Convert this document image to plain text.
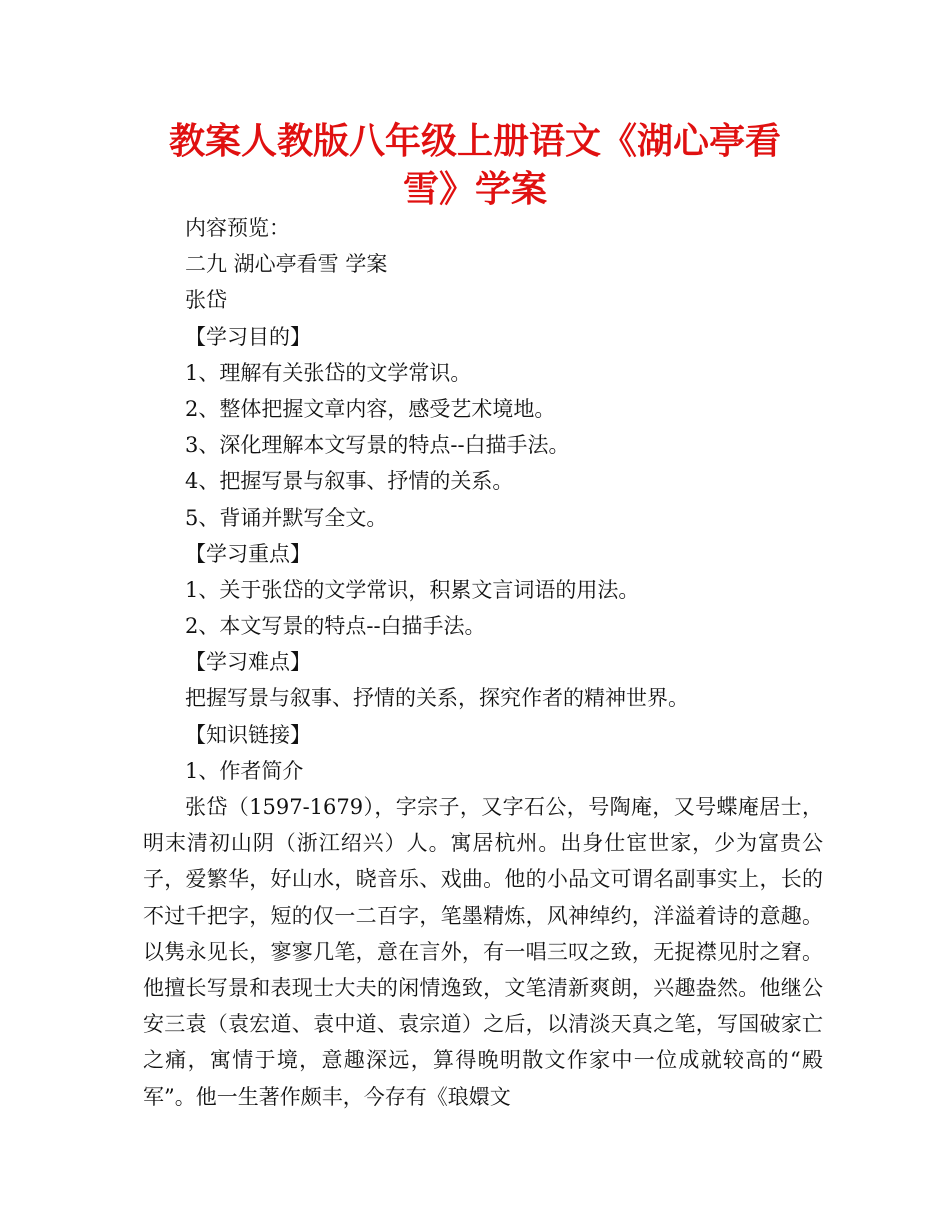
教案人教版八年级上册语文《湖心亭看
雪》学案
内容预览：
二九 湖心亭看雪 学案
张岱
【学习目的】
1、理解有关张岱的文学常识。
2、整体把握文章内容，感受艺术境地。
3、深化理解本文写景的特点--白描手法。
4、把握写景与叙事、抒情的关系。
5、背诵并默写全文。
【学习重点】
1、关于张岱的文学常识，积累文言词语的用法。
2、本文写景的特点--白描手法。
【学习难点】
把握写景与叙事、抒情的关系，探究作者的精神世界。
【知识链接】
1、作者简介

张岱（1597-1679），字宗子，又字石公，号陶庵，又号蝶庵居士，明末清初山阴（浙江绍兴）人。寓居杭州。出身仕宦世家，少为富贵公子，爱繁华，好山水，晓音乐、戏曲。他的小品文可谓名副事实上，长的不过千把字，短的仅一二百字，笔墨精炼，风神绰约，洋溢着诗的意趣。以隽永见长，寥寥几笔，意在言外，有一唱三叹之致，无捉襟见肘之窘。他擅长写景和表现士大夫的闲情逸致，文笔清新爽朗，兴趣盎然。他继公安三袁（袁宏道、袁中道、袁宗道）之后，以清淡天真之笔，写国破家亡之痛，寓情于境，意趣深远，算得晚明散文作家中一位成就较高的“殿军”。他一生著作颇丰，今存有《琅嬛文
